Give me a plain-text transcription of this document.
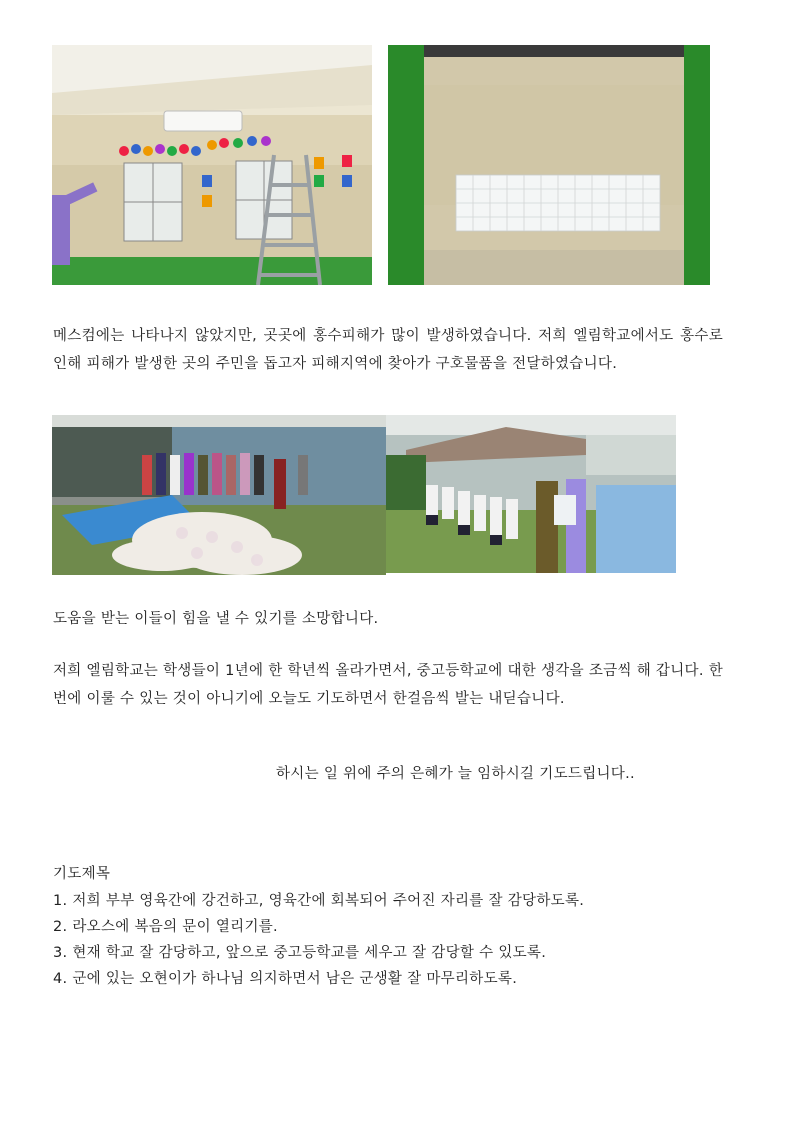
메스컴에는 나타나지 않았지만, 곳곳에 홍수피해가 많이 발생하였습니다. 저희 엘림학교에서도 홍수로 인해 피해가 발생한 곳의 주민을 돕고자 피해지역에 찾아가 구호물품을 전달하였습니다.

도움을 받는 이들이 힘을 낼 수 있기를 소망합니다.

저희 엘림학교는 학생들이 1년에 한 학년씩 올라가면서, 중고등학교에 대한 생각을 조금씩 해 갑니다. 한번에 이룰 수 있는 것이 아니기에 오늘도 기도하면서 한걸음씩 발는 내딛습니다.

하시는 일 위에 주의 은혜가 늘 임하시길 기도드립니다..

기도제목

1. 저희 부부 영육간에 강건하고, 영육간에 회복되어 주어진 자리를 잘 감당하도록.
2. 라오스에 복음의 문이 열리기를.
3. 현재 학교 잘 감당하고, 앞으로 중고등학교를 세우고 잘 감당할 수 있도록.
4. 군에 있는 오현이가 하나님 의지하면서 남은 군생활 잘 마무리하도록.
